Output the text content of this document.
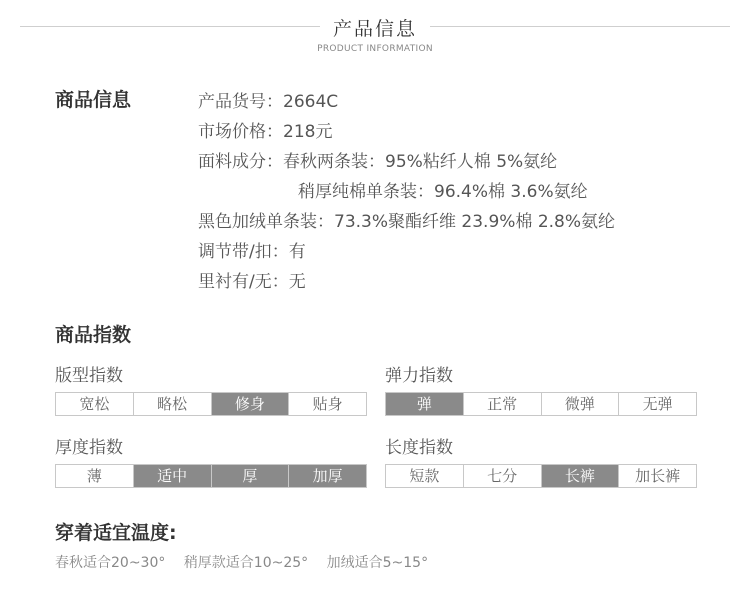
产品信息
PRODUCT INFORMATION
商品信息	产品货号：2664C
市场价格：218元
面料成分：春秋两条装：95%粘纤人棉 5%氨纶
稍厚纯棉单条装：96.4%棉 3.6%氨纶
黑色加绒单条装：73.3%聚酯纤维 23.9%棉 2.8%氨纶
调节带/扣：有
里衬有/无：无
商品指数
版型指数
宽松	略松	修身	贴身
弹力指数
弹	正常	微弹	无弹
厚度指数
薄	适中	厚	加厚
长度指数
短款	七分	长裤	加长裤
穿着适宜温度:
春秋适合20~30° 稍厚款适合10~25° 加绒适合5~15°
